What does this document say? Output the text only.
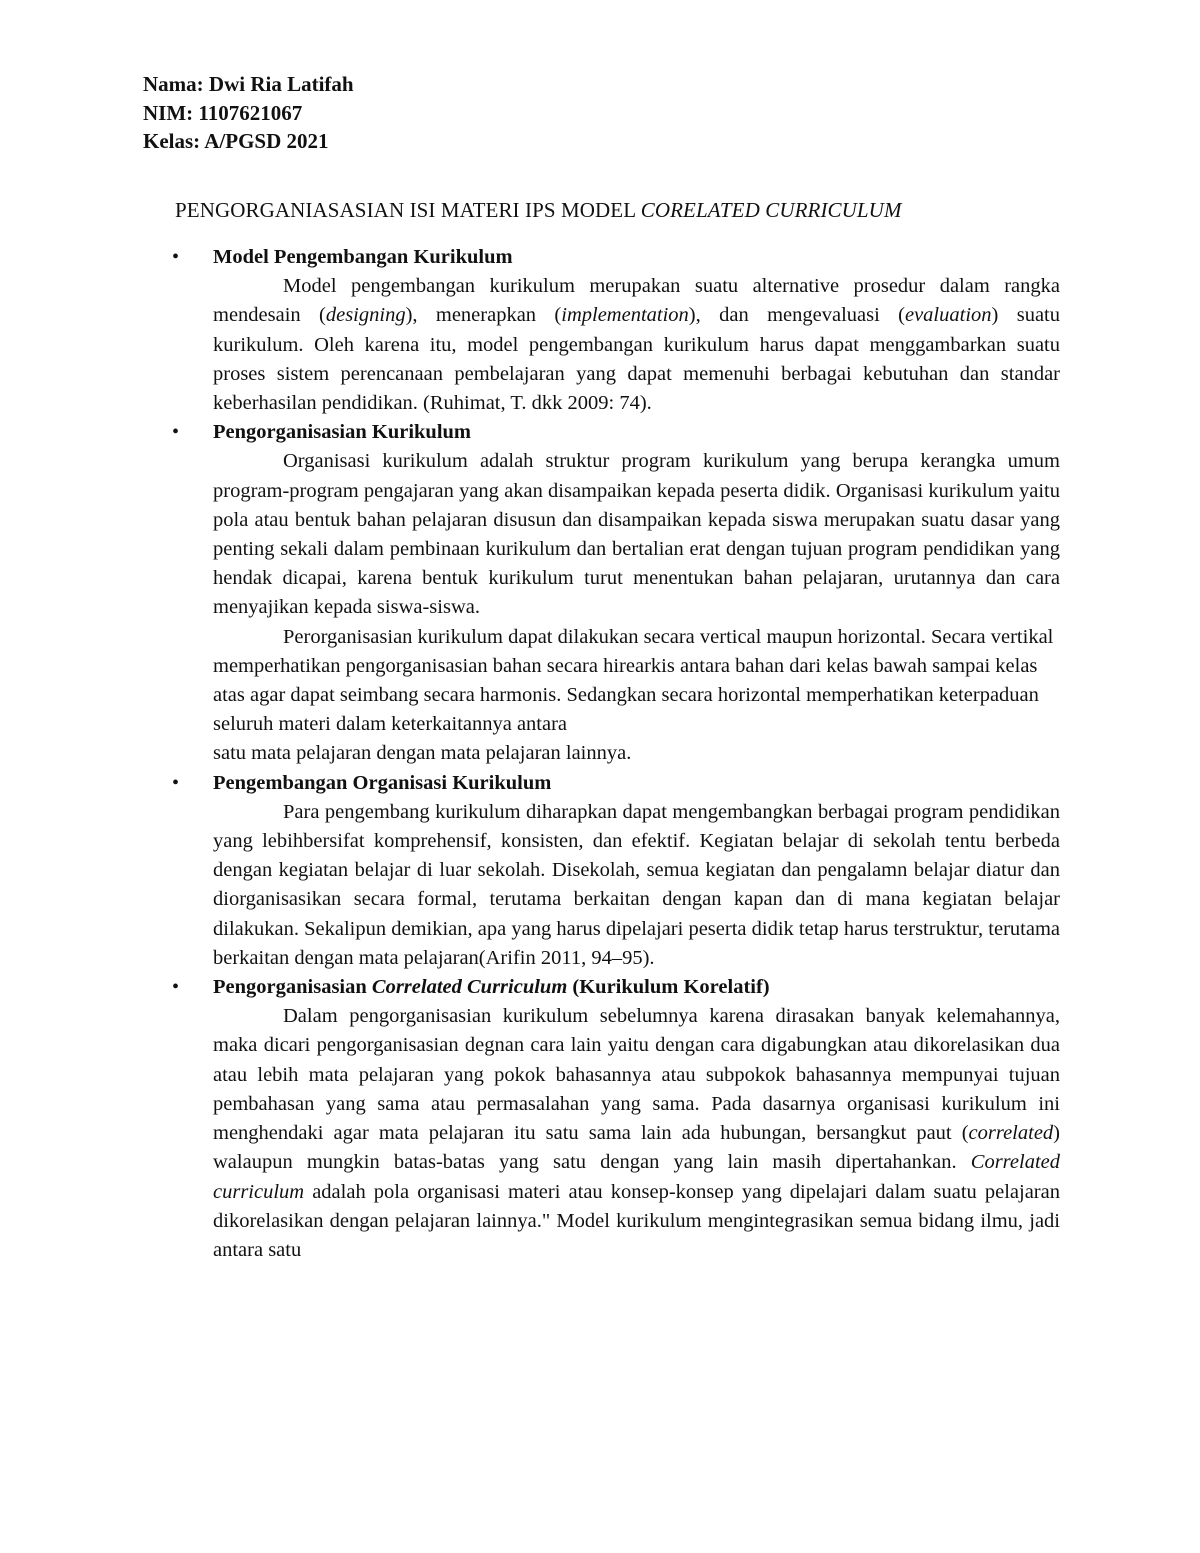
Nama: Dwi Ria Latifah

NIM: 1107621067

Kelas: A/PGSD 2021

PENGORGANIASASIAN ISI MATERI IPS MODEL CORELATED CURRICULUM
• Model Pengembangan Kurikulum

Model pengembangan kurikulum merupakan suatu alternative prosedur dalam rangka mendesain (designing), menerapkan (implementation), dan mengevaluasi (evaluation) suatu kurikulum. Oleh karena itu, model pengembangan kurikulum harus dapat menggambarkan suatu proses sistem perencanaan pembelajaran yang dapat memenuhi berbagai kebutuhan dan standar keberhasilan pendidikan. (Ruhimat, T. dkk 2009: 74).

• Pengorganisasian Kurikulum

Organisasi kurikulum adalah struktur program kurikulum yang berupa kerangka umum program-program pengajaran yang akan disampaikan kepada peserta didik. Organisasi kurikulum yaitu pola atau bentuk bahan pelajaran disusun dan disampaikan kepada siswa merupakan suatu dasar yang penting sekali dalam pembinaan kurikulum dan bertalian erat dengan tujuan program pendidikan yang hendak dicapai, karena bentuk kurikulum turut menentukan bahan pelajaran, urutannya dan cara menyajikan kepada siswa-siswa.

Perorganisasian kurikulum dapat dilakukan secara vertical maupun horizontal. Secara vertikal memperhatikan pengorganisasian bahan secara hirearkis antara bahan dari kelas bawah sampai kelas atas agar dapat seimbang secara harmonis. Sedangkan secara horizontal memperhatikan keterpaduan seluruh materi dalam keterkaitannya antara

satu mata pelajaran dengan mata pelajaran lainnya.

• Pengembangan Organisasi Kurikulum

Para pengembang kurikulum diharapkan dapat mengembangkan berbagai program pendidikan yang lebihbersifat komprehensif, konsisten, dan efektif. Kegiatan belajar di sekolah tentu berbeda dengan kegiatan belajar di luar sekolah. Disekolah, semua kegiatan dan pengalamn belajar diatur dan diorganisasikan secara formal, terutama berkaitan dengan kapan dan di mana kegiatan belajar dilakukan. Sekalipun demikian, apa yang harus dipelajari peserta didik tetap harus terstruktur, terutama berkaitan dengan mata pelajaran(Arifin 2011, 94–95).

• Pengorganisasian Correlated Curriculum (Kurikulum Korelatif)

Dalam pengorganisasian kurikulum sebelumnya karena dirasakan banyak kelemahannya, maka dicari pengorganisasian degnan cara lain yaitu dengan cara digabungkan atau dikorelasikan dua atau lebih mata pelajaran yang pokok bahasannya atau subpokok bahasannya mempunyai tujuan pembahasan yang sama atau permasalahan yang sama. Pada dasarnya organisasi kurikulum ini menghendaki agar mata pelajaran itu satu sama lain ada hubungan, bersangkut paut (correlated) walaupun mungkin batas-batas yang satu dengan yang lain masih dipertahankan. Correlated curriculum adalah pola organisasi materi atau konsep-konsep yang dipelajari dalam suatu pelajaran dikorelasikan dengan pelajaran lainnya." Model kurikulum mengintegrasikan semua bidang ilmu, jadi antara satu
